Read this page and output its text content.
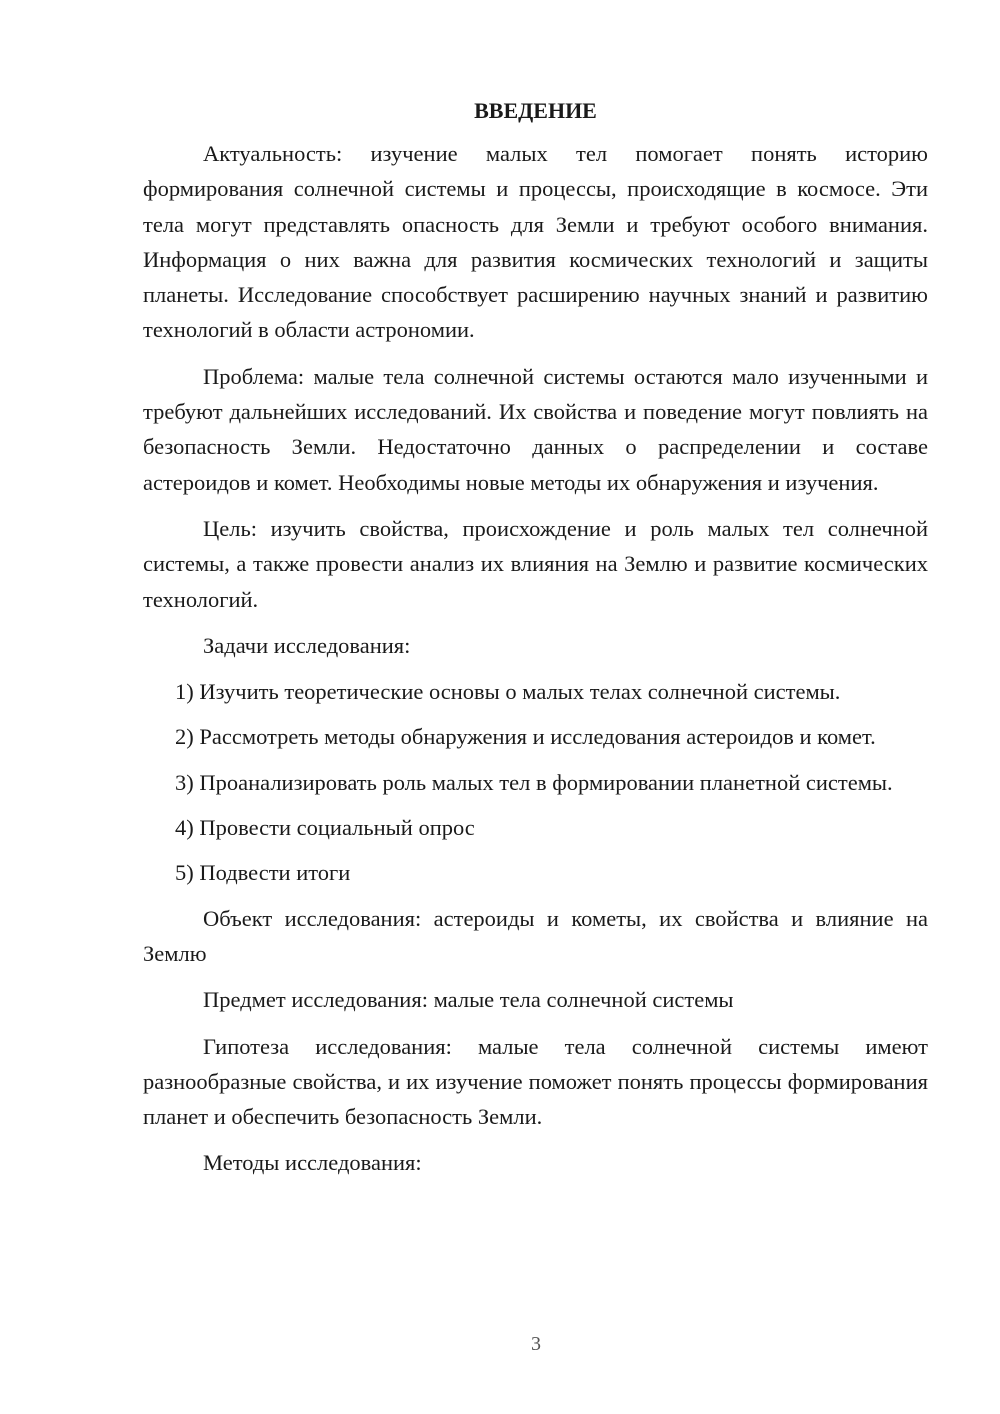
ВВЕДЕНИЕ

Актуальность: изучение малых тел помогает понять историю формирования солнечной системы и процессы, происходящие в космосе. Эти тела могут представлять опасность для Земли и требуют особого внимания. Информация о них важна для развития космических технологий и защиты планеты. Исследование способствует расширению научных знаний и развитию технологий в области астрономии.

Проблема: малые тела солнечной системы остаются мало изученными и требуют дальнейших исследований. Их свойства и поведение могут повлиять на безопасность Земли. Недостаточно данных о распределении и составе астероидов и комет. Необходимы новые методы их обнаружения и изучения.

Цель: изучить свойства, происхождение и роль малых тел солнечной системы, а также провести анализ их влияния на Землю и развитие космических технологий.

Задачи исследования:

1) Изучить теоретические основы о малых телах солнечной системы.

2) Рассмотреть методы обнаружения и исследования астероидов и комет.

3) Проанализировать роль малых тел в формировании планетной системы.

4) Провести социальный опрос

5) Подвести итоги

Объект исследования: астероиды и кометы, их свойства и влияние на Землю

Предмет исследования: малые тела солнечной системы

Гипотеза исследования: малые тела солнечной системы имеют разнообразные свойства, и их изучение поможет понять процессы формирования планет и обеспечить безопасность Земли.

Методы исследования:

3
